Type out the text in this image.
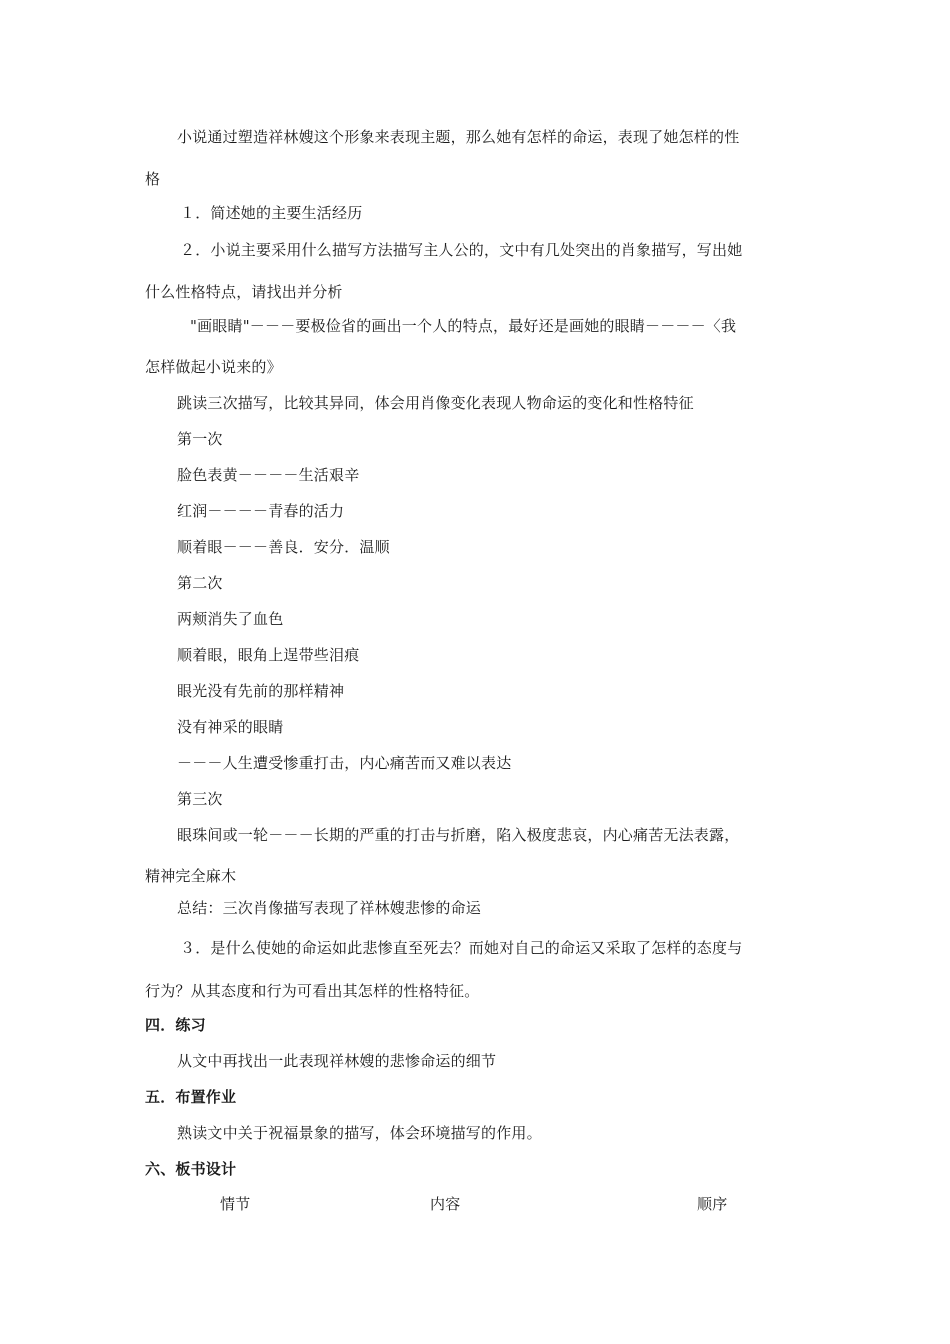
小说通过塑造祥林嫂这个形象来表现主题，那么她有怎样的命运，表现了她怎样的性
格
１．简述她的主要生活经历
２．小说主要采用什么描写方法描写主人公的，文中有几处突出的肖象描写，写出她
什么性格特点，请找出并分析
"画眼睛"－－－要极俭省的画出一个人的特点，最好还是画她的眼睛－－－－〈我
怎样做起小说来的》
跳读三次描写，比较其异同，体会用肖像变化表现人物命运的变化和性格特征
第一次
脸色表黄－－－－生活艰辛
红润－－－－青春的活力
顺着眼－－－善良．安分．温顺
第二次
两颊消失了血色
顺着眼，眼角上逞带些泪痕
眼光没有先前的那样精神
没有神采的眼睛
－－－人生遭受惨重打击，内心痛苦而又难以表达
第三次
眼珠间或一轮－－－长期的严重的打击与折磨，陷入极度悲哀，内心痛苦无法表露，
精神完全麻木
总结：三次肖像描写表现了祥林嫂悲惨的命运
３．是什么使她的命运如此悲惨直至死去？而她对自己的命运又采取了怎样的态度与
行为？从其态度和行为可看出其怎样的性格特征。
四．练习
从文中再找出一此表现祥林嫂的悲惨命运的细节
五．布置作业
熟读文中关于祝福景象的描写，体会环境描写的作用。
六、板书设计
情节	内容	顺序
